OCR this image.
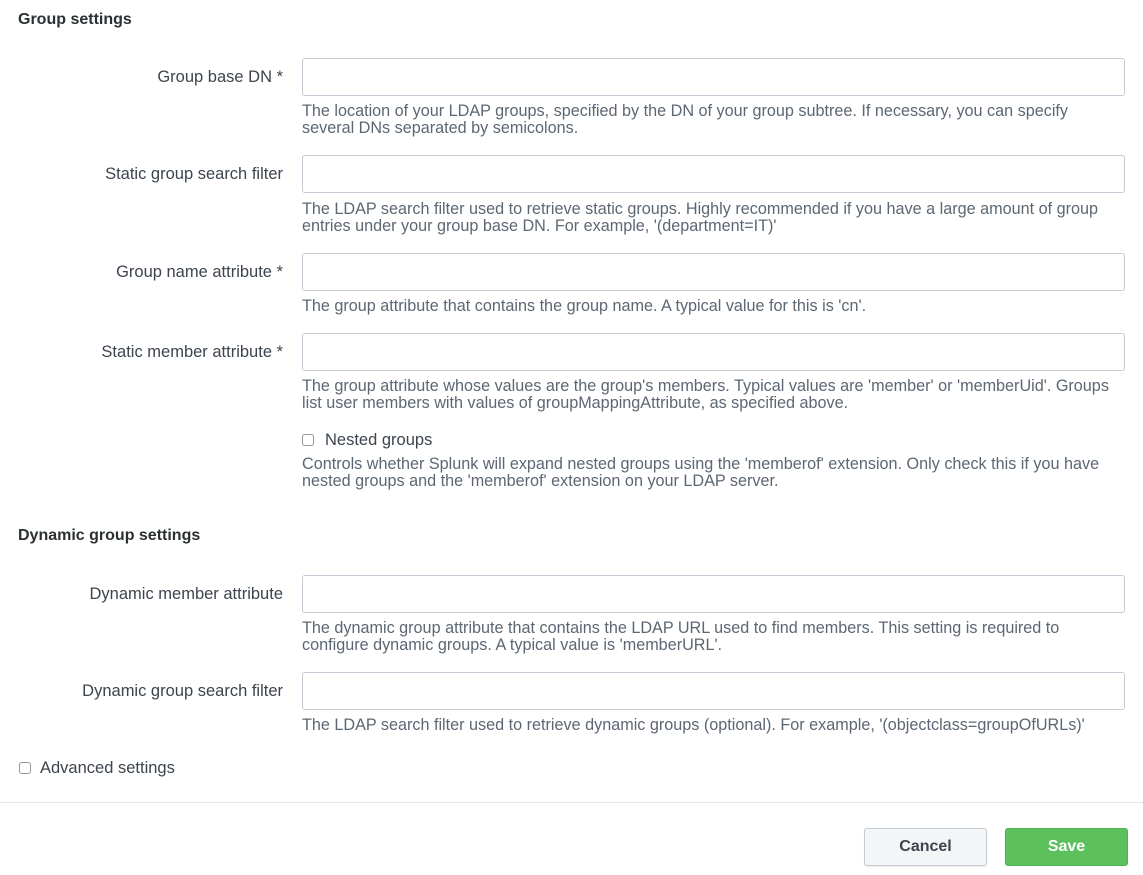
Group settings
Group base DN *
The location of your LDAP groups, specified by the DN of your group subtree. If necessary, you can specify several DNs separated by semicolons.
Static group search filter
The LDAP search filter used to retrieve static groups. Highly recommended if you have a large amount of group entries under your group base DN. For example, '(department=IT)'
Group name attribute *
The group attribute that contains the group name. A typical value for this is 'cn'.
Static member attribute *
The group attribute whose values are the group's members. Typical values are 'member' or 'memberUid'. Groups list user members with values of groupMappingAttribute, as specified above.
Nested groups
Controls whether Splunk will expand nested groups using the 'memberof' extension. Only check this if you have nested groups and the 'memberof' extension on your LDAP server.
Dynamic group settings
Dynamic member attribute
The dynamic group attribute that contains the LDAP URL used to find members. This setting is required to configure dynamic groups. A typical value is 'memberURL'.
Dynamic group search filter
The LDAP search filter used to retrieve dynamic groups (optional). For example, '(objectclass=groupOfURLs)'
Advanced settings
Cancel	Save
